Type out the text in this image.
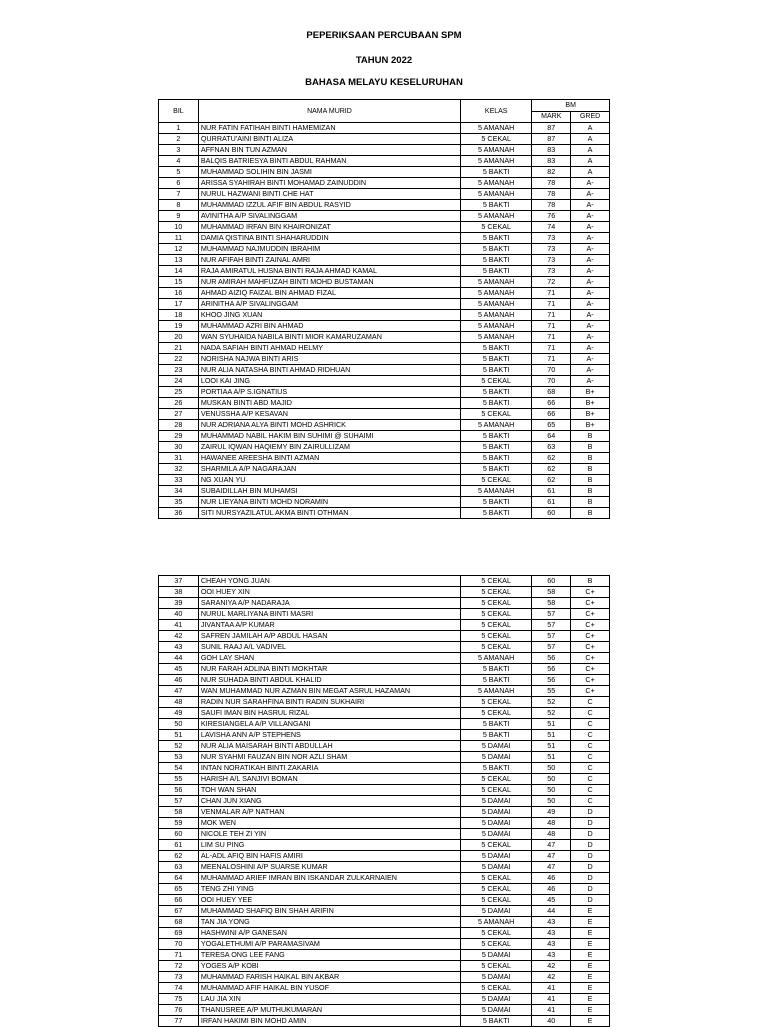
PEPERIKSAAN PERCUBAAN SPM
TAHUN 2022
BAHASA MELAYU KESELURUHAN
BIL	NAMA MURID	KELAS	BM	
			MARK	GRED
1	NUR FATIN FATIHAH BINTI HAMEMIZAN	5 AMANAH	87	A
2	QURRATU'AINI BINTI ALIZA	5 CEKAL	87	A
3	AFFNAN BIN TUN AZMAN	5 AMANAH	83	A
4	BALQIS BATRIESYA BINTI ABDUL RAHMAN	5 AMANAH	83	A
5	MUHAMMAD SOLIHIN BIN JASMI	5 BAKTI	82	A
6	ARISSA SYAHIRAH BINTI MOHAMAD ZAINUDDIN	5 AMANAH	78	A-
7	NURUL HAZWANI BINTI CHE HAT	5 AMANAH	78	A-
8	MUHAMMAD IZZUL AFIF BIN ABDUL RASYID	5 BAKTI	78	A-
9	AVINITHA A/P SIVALINGGAM	5 AMANAH	76	A-
10	MUHAMMAD IRFAN BIN KHAIRONIZAT	5 CEKAL	74	A-
11	DAMIA QISTINA BINTI SHAHARUDDIN	5 BAKTI	73	A-
12	MUHAMMAD NAJMUDDIN IBRAHIM	5 BAKTI	73	A-
13	NUR AFIFAH BINTI ZAINAL AMRI	5 BAKTI	73	A-
14	RAJA AMIRATUL HUSNA BINTI RAJA AHMAD KAMAL	5 BAKTI	73	A-
15	NUR AMIRAH MAHFUZAH BINTI MOHD BUSTAMAN	5 AMANAH	72	A-
16	AHMAD AIZIQ FAIZAL BIN AHMAD FIZAL	5 AMANAH	71	A-
17	ARINITHA A/P SIVALINGGAM	5 AMANAH	71	A-
18	KHOO JING XUAN	5 AMANAH	71	A-
19	MUHAMMAD AZRI BIN AHMAD	5 AMANAH	71	A-
20	WAN SYUHAIDA NABILA BINTI MIOR KAMARUZAMAN	5 AMANAH	71	A-
21	NADA SAFIAH BINTI AHMAD HELMY	5 BAKTI	71	A-
22	NORISHA NAJWA BINTI ARIS	5 BAKTI	71	A-
23	NUR ALIA NATASHA BINTI AHMAD RIDHUAN	5 BAKTI	70	A-
24	LOOI KAI JING	5 CEKAL	70	A-
25	PORTIAA A/P S.IGNATIUS	5 BAKTI	68	B+
26	MUSKAN BINTI ABD MAJID	5 BAKTI	66	B+
27	VENUSSHA A/P KESAVAN	5 CEKAL	66	B+
28	NUR ADRIANA ALYA BINTI MOHD ASHRICK	5 AMANAH	65	B+
29	MUHAMMAD NABIL HAKIM BIN SUHIMI @ SUHAIMI	5 BAKTI	64	B
30	ZAIRUL IQWAN HAQIEMY BIN ZAIRULLIZAM	5 BAKTI	63	B
31	HAWANEE AREESHA BINTI AZMAN	5 BAKTI	62	B
32	SHARMILA A/P NAGARAJAN	5 BAKTI	62	B
33	NG XUAN YU	5 CEKAL	62	B
34	SUBAIDILLAH BIN MUHAMSI	5 AMANAH	61	B
35	NUR LIEYANA BINTI MOHD NORAMIN	5 BAKTI	61	B
36	SITI NURSYAZILATUL AKMA BINTI OTHMAN	5 BAKTI	60	B
37	CHEAH YONG JUAN	5 CEKAL	60	B
38	OOI HUEY XIN	5 CEKAL	58	C+
39	SARANIYA A/P NADARAJA	5 CEKAL	58	C+
40	NURUL MARLIYANA BINTI MASRI	5 CEKAL	57	C+
41	JIVANTAA A/P KUMAR	5 CEKAL	57	C+
42	SAFREN JAMILAH A/P ABDUL HASAN	5 CEKAL	57	C+
43	SUNIL RAAJ A/L VADIVEL	5 CEKAL	57	C+
44	GOH LAY SHAN	5 AMANAH	56	C+
45	NUR FARAH ADLINA BINTI MOKHTAR	5 BAKTI	56	C+
46	NUR SUHADA BINTI ABDUL KHALID	5 BAKTI	56	C+
47	WAN MUHAMMAD NUR AZMAN BIN MEGAT ASRUL HAZAMAN	5 AMANAH	55	C+
48	RADIN NUR SARAHFINA BINTI RADIN SUKHAIRI	5 CEKAL	52	C
49	SAUFI IMAN BIN HASRUL RIZAL	5 CEKAL	52	C
50	KIRESIANGELA A/P VILLANGANI	5 BAKTI	51	C
51	LAVISHA ANN A/P STEPHENS	5 BAKTI	51	C
52	NUR ALIA MAISARAH BINTI ABDULLAH	5 DAMAI	51	C
53	NUR SYAHMI FAUZAN BIN NOR AZLI SHAM	5 DAMAI	51	C
54	INTAN NORATIKAH BINTI ZAKARIA	5 BAKTI	50	C
55	HARISH A/L SANJIVI BOMAN	5 CEKAL	50	C
56	TOH WAN SHAN	5 CEKAL	50	C
57	CHAN JUN XIANG	5 DAMAI	50	C
58	VENMALAR A/P NATHAN	5 DAMAI	49	D
59	MOK WEN	5 DAMAI	48	D
60	NICOLE TEH ZI YIN	5 DAMAI	48	D
61	LIM SU PING	5 CEKAL	47	D
62	AL-ADL AFIQ BIN HAFIS AMIRI	5 DAMAI	47	D
63	MEENALOSHINI A/P SUARSE KUMAR	5 DAMAI	47	D
64	MUHAMMAD ARIEF IMRAN BIN ISKANDAR ZULKARNAIEN	5 CEKAL	46	D
65	TENG ZHI YING	5 CEKAL	46	D
66	OOI HUEY YEE	5 CEKAL	45	D
67	MUHAMMAD SHAFIQ BIN SHAH ARIFIN	5 DAMAI	44	E
68	TAN JIA YONG	5 AMANAH	43	E
69	HASHWINI A/P GANESAN	5 CEKAL	43	E
70	YOGALETHUMI A/P PARAMASIVAM	5 CEKAL	43	E
71	TERESA ONG LEE FANG	5 DAMAI	43	E
72	YOGES A/P KOBI	5 CEKAL	42	E
73	MUHAMMAD FARISH HAIKAL BIN AKBAR	5 DAMAI	42	E
74	MUHAMMAD AFIF HAIKAL BIN YUSOF	5 CEKAL	41	E
75	LAU JIA XIN	5 DAMAI	41	E
76	THANUSREE A/P MUTHUKUMARAN	5 DAMAI	41	E
77	IRFAN HAKIMI BIN MOHD AMIN	5 BAKTI	40	E
